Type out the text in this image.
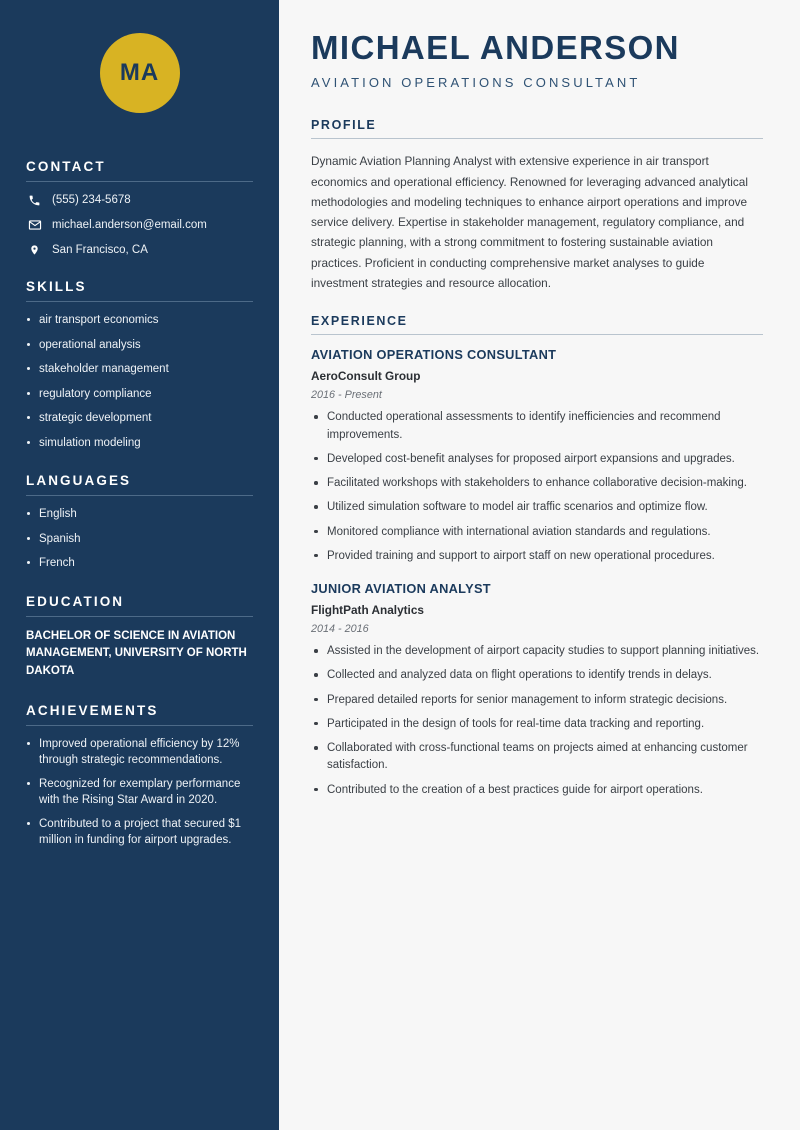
MA
CONTACT
(555) 234-5678
michael.anderson@email.com
San Francisco, CA
SKILLS
air transport economics
operational analysis
stakeholder management
regulatory compliance
strategic development
simulation modeling
LANGUAGES
English
Spanish
French
EDUCATION
BACHELOR OF SCIENCE IN AVIATION MANAGEMENT, UNIVERSITY OF NORTH DAKOTA
ACHIEVEMENTS
Improved operational efficiency by 12% through strategic recommendations.
Recognized for exemplary performance with the Rising Star Award in 2020.
Contributed to a project that secured $1 million in funding for airport upgrades.
MICHAEL ANDERSON
AVIATION OPERATIONS CONSULTANT
PROFILE

Dynamic Aviation Planning Analyst with extensive experience in air transport economics and operational efficiency. Renowned for leveraging advanced analytical methodologies and modeling techniques to enhance airport operations and improve service delivery. Expertise in stakeholder management, regulatory compliance, and strategic planning, with a strong commitment to fostering sustainable aviation practices. Proficient in conducting comprehensive market analyses to guide investment strategies and resource allocation.

EXPERIENCE
AVIATION OPERATIONS CONSULTANT
AeroConsult Group
2016 - Present
Conducted operational assessments to identify inefficiencies and recommend improvements.
Developed cost-benefit analyses for proposed airport expansions and upgrades.
Facilitated workshops with stakeholders to enhance collaborative decision-making.
Utilized simulation software to model air traffic scenarios and optimize flow.
Monitored compliance with international aviation standards and regulations.
Provided training and support to airport staff on new operational procedures.
JUNIOR AVIATION ANALYST
FlightPath Analytics
2014 - 2016
Assisted in the development of airport capacity studies to support planning initiatives.
Collected and analyzed data on flight operations to identify trends in delays.
Prepared detailed reports for senior management to inform strategic decisions.
Participated in the design of tools for real-time data tracking and reporting.
Collaborated with cross-functional teams on projects aimed at enhancing customer satisfaction.
Contributed to the creation of a best practices guide for airport operations.
